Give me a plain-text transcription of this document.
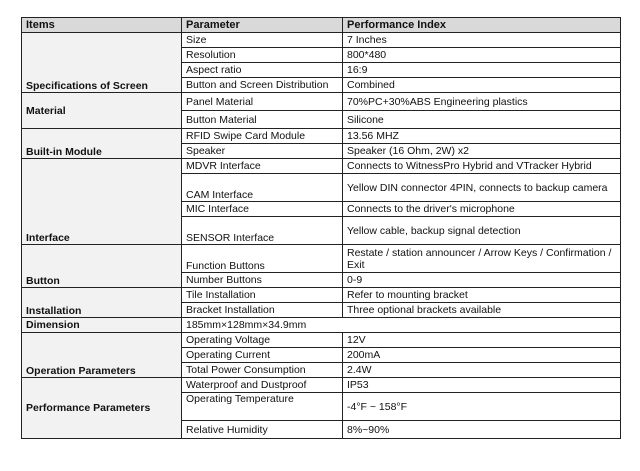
Items	Parameter	Performance Index
Specifications of Screen	Size	7 Inches
	Resolution	800*480
	Aspect ratio	16:9
	Button and Screen Distribution	Combined
Material	Panel Material	70%PC+30%ABS Engineering plastics
	Button Material	Silicone
Built-in Module	RFID Swipe Card Module	13.56 MHZ
	Speaker	Speaker (16 Ohm, 2W) x2
Interface	MDVR Interface	Connects to WitnessPro Hybrid and VTracker Hybrid
	CAM Interface	Yellow DIN connector 4PIN, connects to backup camera
	MIC Interface	Connects to the driver's microphone
	SENSOR Interface	Yellow cable, backup signal detection
Button	Function Buttons	Restate / station announcer / Arrow Keys / Confirmation / Exit
	Number Buttons	0-9
Installation	Tile Installation	Refer to mounting bracket
	Bracket Installation	Three optional brackets available
Dimension	185mm×128mm×34.9mm	
Operation Parameters	Operating Voltage	12V
	Operating Current	200mA
	Total Power Consumption	2.4W
Performance Parameters	Waterproof and Dustproof	IP53
	Operating Temperature	-4°F ~ 158°F
	Relative Humidity	8%~90%
